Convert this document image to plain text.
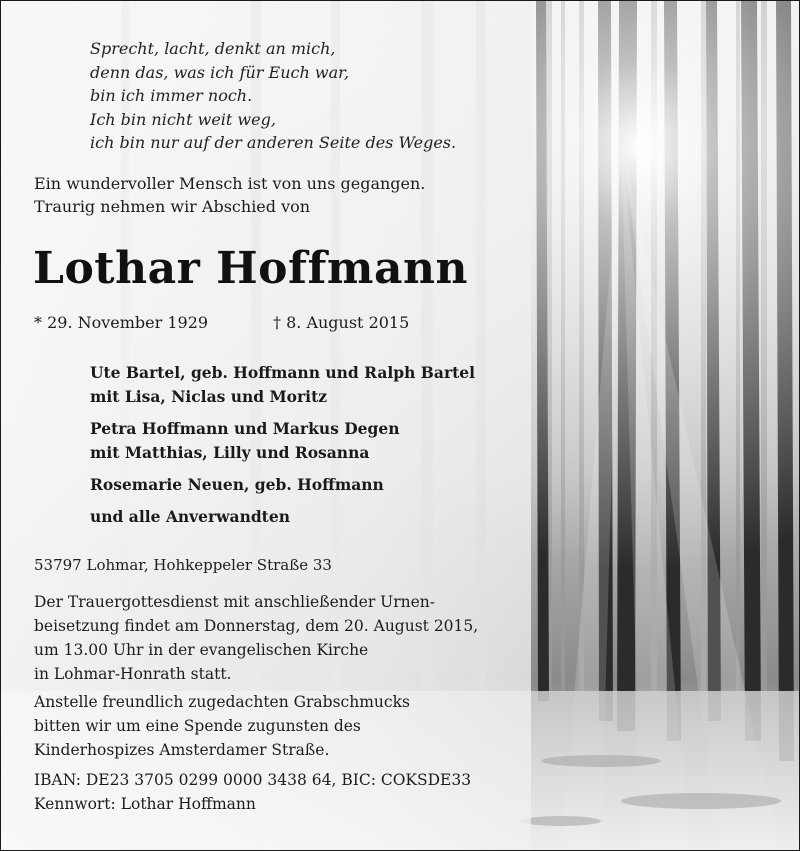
Sprecht, lacht, denkt an mich,
denn das, was ich für Euch war,
bin ich immer noch.
Ich bin nicht weit weg,
ich bin nur auf der anderen Seite des Weges.
Ein wundervoller Mensch ist von uns gegangen.
Traurig nehmen wir Abschied von
Lothar Hoffmann
* 29. November 1929	† 8. August 2015
Ute Bartel, geb. Hoffmann und Ralph Bartel
mit Lisa, Niclas und Moritz
Petra Hoffmann und Markus Degen
mit Matthias, Lilly und Rosanna
Rosemarie Neuen, geb. Hoffmann
und alle Anverwandten
53797 Lohmar, Hohkeppeler Straße 33
Der Trauergottesdienst mit anschließender Urnen-
beisetzung findet am Donnerstag, dem 20. August 2015,
um 13.00 Uhr in der evangelischen Kirche
in Lohmar-Honrath statt.
Anstelle freundlich zugedachten Grabschmucks
bitten wir um eine Spende zugunsten des
Kinderhospizes Amsterdamer Straße.
IBAN: DE23 3705 0299 0000 3438 64, BIC: COKSDE33
Kennwort: Lothar Hoffmann
